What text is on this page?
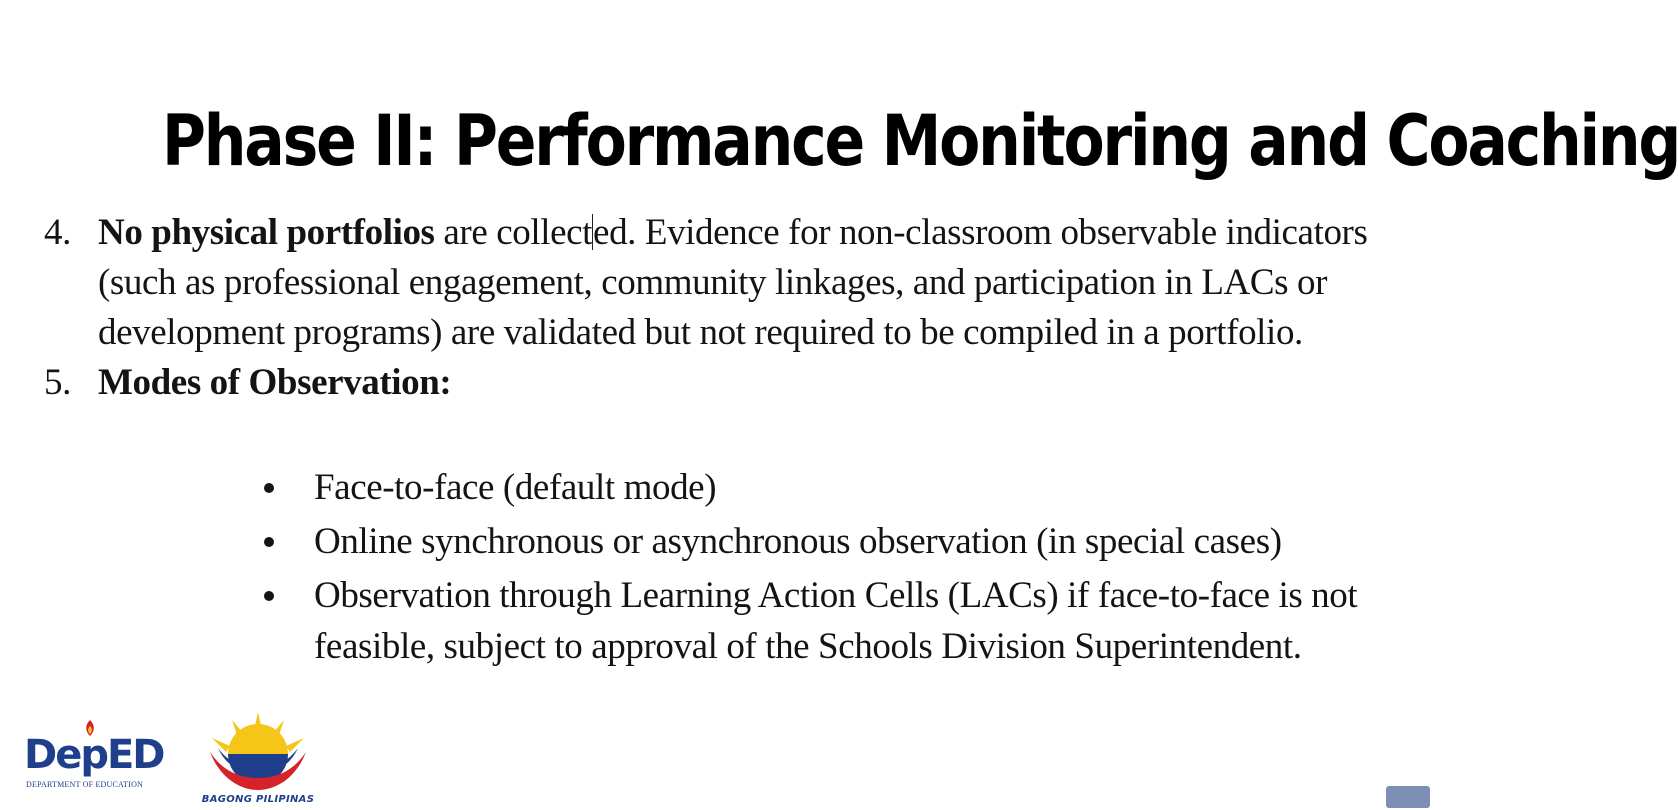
Phase II: Performance Monitoring and Coaching
4. No physical portfolios are collected. Evidence for non-classroom observable indicators (such as professional engagement, community linkages, and participation in LACs or development programs) are validated but not required to be compiled in a portfolio.
5. Modes of Observation:
Face-to-face (default mode)
Online synchronous or asynchronous observation (in special cases)
Observation through Learning Action Cells (LACs) if face-to-face is not feasible, subject to approval of the Schools Division Superintendent.
DepED
DEPARTMENT OF EDUCATION
BAGONG PILIPINAS
